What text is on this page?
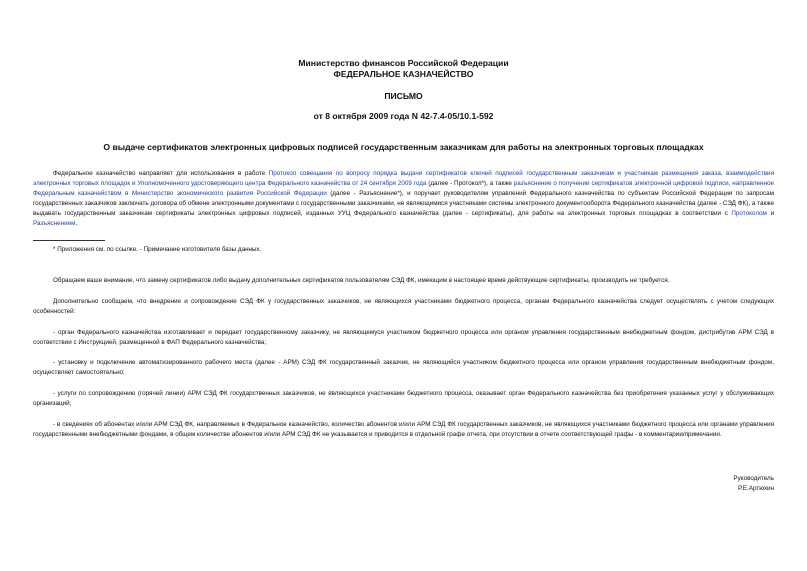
Министерство финансов Российской Федерации
ФЕДЕРАЛЬНОЕ КАЗНАЧЕЙСТВО
ПИСЬМО
от 8 октября 2009 года N 42-7.4-05/10.1-592
О выдаче сертификатов электронных цифровых подписей государственным заказчикам для работы на электронных торговых площадках

Федеральное казначейство направляет для использования в работе Протокол совещания по вопросу порядка выдачи сертификатов ключей подписей государственным заказчикам и участникам размещения заказа, взаимодействия электронных торговых площадок и Уполномоченного удостоверяющего центра Федерального казначейства от 24 сентября 2009 года (далее - Протокол*), а также разъяснение о получении сертификатов электронной цифровой подписи, направленное Федеральным казначейством в Министерство экономического развития Российской Федерации (далее - Разъяснение*), и поручает руководителям управлений Федерального казначейства по субъектам Российской Федерации по запросам государственных заказчиков заключать договора об обмене электронными документами с государственными заказчиками, не являющимися участниками системы электронного документооборота Федерального казначейства (далее - СЭД ФК), а также выдавать государственным заказчикам сертификаты электронных цифровых подписей, изданных УУЦ Федерального казначейства (далее - сертификаты), для работы на электронных торговых площадках в соответствии с Протоколом и Разъяснением.

* Приложения см. по ссылке. - Примечание изготовителя базы данных.

Обращаем ваше внимание, что замену сертификатов либо выдачу дополнительных сертификатов пользователям СЭД ФК, имеющим в настоящее время действующие сертификаты, производить не требуется.

Дополнительно сообщаем, что внедрение и сопровождение СЭД ФК у государственных заказчиков, не являющихся участниками бюджетного процесса, органам Федерального казначейства следует осуществлять с учетом следующих особенностей:

- орган Федерального казначейства изготавливает и передает государственному заказчику, не являющемуся участником бюджетного процесса или органом управления государственным внебюджетным фондом, дистрибутив АРМ СЭД в соответствии с Инструкцией, размещенной в ФАП Федерального казначейства;

- установку и подключение автоматизированного рабочего места (далее - АРМ) СЭД ФК государственный заказчик, не являющийся участником бюджетного процесса или органом управления государственным внебюджетным фондом, осуществляет самостоятельно;

- услуги по сопровождению (горячей линии) АРМ СЭД ФК государственных заказчиков, не являющихся участниками бюджетного процесса, оказывает орган Федерального казначейства без приобретения указанных услуг у обслуживающих организаций;

- в сведениях об абонентах и/или АРМ СЭД ФК, направляемых в Федеральное казначейство, количество абонентов и/или АРМ СЭД ФК государственных заказчиков, не являющихся участниками бюджетного процесса или органами управления государственными внебюджетными фондами, в общем количестве абонентов и/или АРМ СЭД ФК не указывается и приводится в отдельной графе отчета, при отсутствии в отчете соответствующей графы - в комментарии/примечании.

Руководитель
Р.Е.Артюхин
